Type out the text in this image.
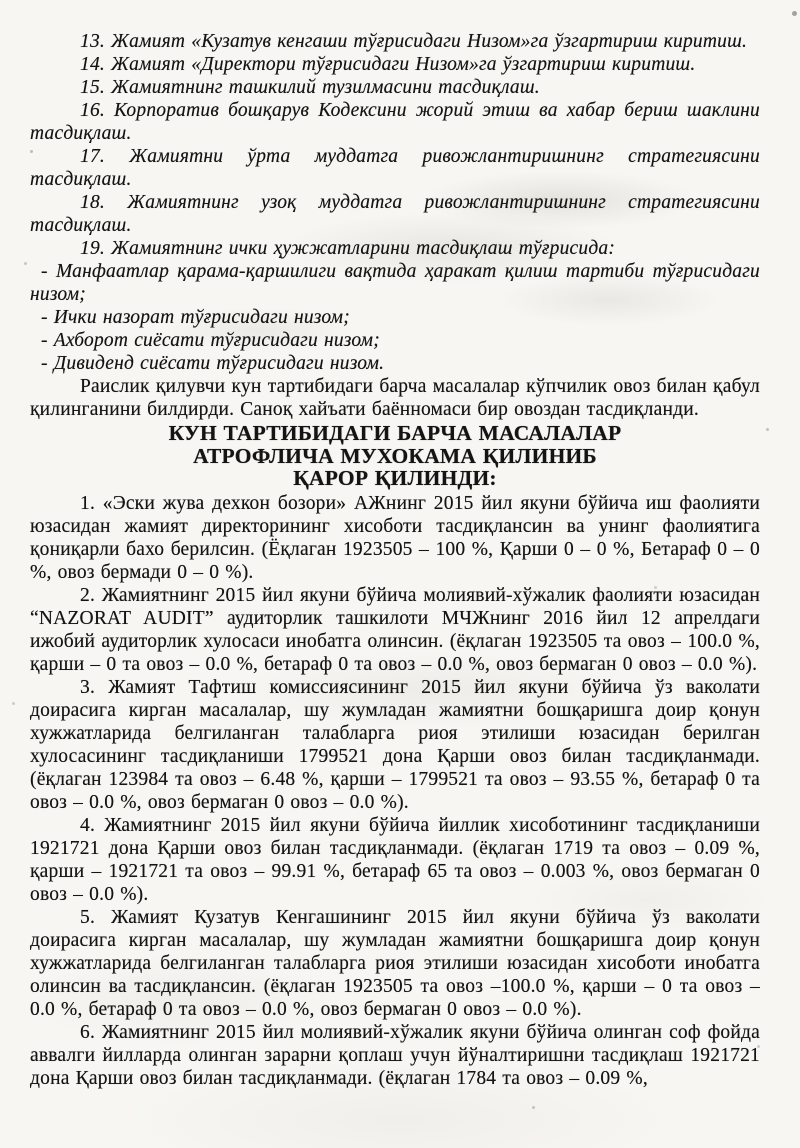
13. Жамият «Кузатув кенгаши тўғрисидаги Низом»га ўзгартириш киритиш.

14. Жамият «Директори тўғрисидаги Низом»га ўзгартириш киритиш.

15. Жамиятнинг ташкилий тузилмасини тасдиқлаш.

16. Корпоратив бошқарув Кодексини жорий этиш ва хабар бериш шаклини тасдиқлаш.

17. Жамиятни ўрта муддатга ривожлантиришнинг стратегиясини тасдиқлаш.

18. Жамиятнинг узоқ муддатга ривожлантиришнинг стратегиясини тасдиқлаш.

19. Жамиятнинг ички ҳужжатларини тасдиқлаш тўғрисида:

- Манфаатлар қарама-қаршилиги вақтида ҳаракат қилиш тартиби тўғрисидаги низом;

- Ички назорат тўғрисидаги низом;

- Ахборот сиёсати тўғрисидаги низом;

- Дивиденд сиёсати тўғрисидаги низом.

Раислик қилувчи кун тартибидаги барча масалалар кўпчилик овоз билан қабул қилинганини билдирди. Саноқ хайъати баённомаси бир овоздан тасдиқланди.

КУН ТАРТИБИДАГИ БАРЧА МАСАЛАЛАР
АТРОФЛИЧА МУХОКАМА ҚИЛИНИБ
ҚАРОР ҚИЛИНДИ:

1. «Эски жува дехкон бозори» АЖнинг 2015 йил якуни бўйича иш фаолияти юзасидан жамият директорининг хисоботи тасдиқлансин ва унинг фаолиятига қониқарли бахо берилсин. (Ёқлаган 1923505 – 100 %, Қарши 0 – 0 %, Бетараф 0 – 0 %, овоз бермади 0 – 0 %).

2. Жамиятнинг 2015 йил якуни бўйича молиявий-хўжалик фаолияти юзасидан “NAZORAT AUDIT” аудиторлик ташкилоти МЧЖнинг 2016 йил 12 апрелдаги ижобий аудиторлик хулосаси инобатга олинсин. (ёқлаган 1923505 та овоз – 100.0 %, қарши – 0 та овоз – 0.0 %, бетараф 0 та овоз – 0.0 %, овоз бермаган 0 овоз – 0.0 %).

3. Жамият Тафтиш комиссиясининг 2015 йил якуни бўйича ўз ваколати доирасига кирган масалалар, шу жумладан жамиятни бошқаришга доир қонун хужжатларида белгиланган талабларга риоя этилиши юзасидан берилган хулосасининг тасдиқланиши 1799521 дона Қарши овоз билан тасдиқланмади. (ёқлаган 123984 та овоз – 6.48 %, қарши – 1799521 та овоз – 93.55 %, бетараф 0 та овоз – 0.0 %, овоз бермаган 0 овоз – 0.0 %).

4. Жамиятнинг 2015 йил якуни бўйича йиллик хисоботининг тасдиқланиши 1921721 дона Қарши овоз билан тасдиқланмади. (ёқлаган 1719 та овоз – 0.09 %, қарши – 1921721 та овоз – 99.91 %, бетараф 65 та овоз – 0.003 %, овоз бермаган 0 овоз – 0.0 %).

5. Жамият Кузатув Кенгашининг 2015 йил якуни бўйича ўз ваколати доирасига кирган масалалар, шу жумладан жамиятни бошқаришга доир қонун хужжатларида белгиланган талабларга риоя этилиши юзасидан хисоботи инобатга олинсин ва тасдиқлансин. (ёқлаган 1923505 та овоз –100.0 %, қарши – 0 та овоз – 0.0 %, бетараф 0 та овоз – 0.0 %, овоз бермаган 0 овоз – 0.0 %).

6. Жамиятнинг 2015 йил молиявий-хўжалик якуни бўйича олинган соф фойда аввалги йилларда олинган зарарни қоплаш учун йўналтиришни тасдиқлаш 1921721 дона Қарши овоз билан тасдиқланмади. (ёқлаган 1784 та овоз – 0.09 %,
